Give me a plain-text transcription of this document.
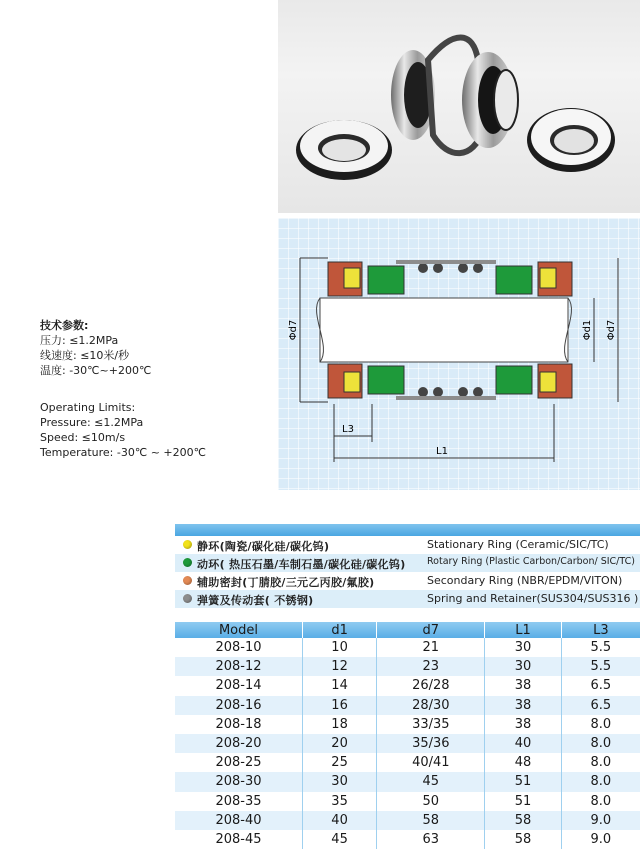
Φd7	Φd1 Φd7
L3
L1
技术参数:
压力: ≤1.2MPa
线速度: ≤10米/秒
温度: -30℃~+200℃
Operating Limits:
Pressure: ≤1.2MPa
Speed: ≤10m/s
Temperature: -30℃ ~ +200℃
静环(陶瓷/碳化硅/碳化钨)	Stationary Ring (Ceramic/SIC/TC)
动环( 热压石墨/车制石墨/碳化硅/碳化钨) Rotary Ring (Plastic Carbon/Carbon/ SIC/TC)
辅助密封(丁腈胶/三元乙丙胶/氟胶)	Secondary Ring (NBR/EPDM/VITON)
弹簧及传动套( 不锈钢)	Spring and Retainer(SUS304/SUS316 )
Model	d1	d7	L1	L3
208-10	10	21	30	5.5
208-12	12	23	30	5.5
208-14	14	26/28	38	6.5
208-16	16	28/30	38	6.5
208-18	18	33/35	38	8.0
208-20	20	35/36	40	8.0
208-25	25	40/41	48	8.0
208-30	30	45	51	8.0
208-35	35	50	51	8.0
208-40	40	58	58	9.0
208-45	45	63	58	9.0
